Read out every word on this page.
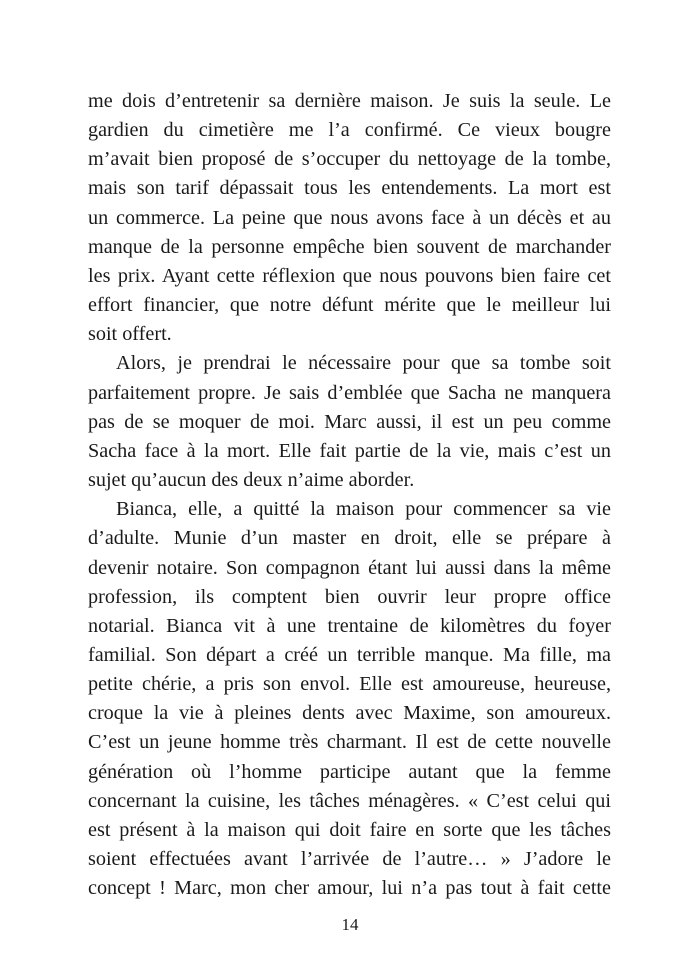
me dois d’entretenir sa dernière maison. Je suis la seule. Le
gardien du cimetière me l’a confirmé. Ce vieux bougre
m’avait bien proposé de s’occuper du nettoyage de la tombe,
mais son tarif dépassait tous les entendements. La mort est
un commerce. La peine que nous avons face à un décès et au
manque de la personne empêche bien souvent de marchander
les prix. Ayant cette réflexion que nous pouvons bien faire cet
effort financier, que notre défunt mérite que le meilleur lui
soit offert.

Alors, je prendrai le nécessaire pour que sa tombe soit
parfaitement propre. Je sais d’emblée que Sacha ne manquera
pas de se moquer de moi. Marc aussi, il est un peu comme
Sacha face à la mort. Elle fait partie de la vie, mais c’est un
sujet qu’aucun des deux n’aime aborder.

Bianca, elle, a quitté la maison pour commencer sa vie
d’adulte. Munie d’un master en droit, elle se prépare à
devenir notaire. Son compagnon étant lui aussi dans la même
profession, ils comptent bien ouvrir leur propre office
notarial. Bianca vit à une trentaine de kilomètres du foyer
familial. Son départ a créé un terrible manque. Ma fille, ma
petite chérie, a pris son envol. Elle est amoureuse, heureuse,
croque la vie à pleines dents avec Maxime, son amoureux.
C’est un jeune homme très charmant. Il est de cette nouvelle
génération où l’homme participe autant que la femme
concernant la cuisine, les tâches ménagères. « C’est celui qui
est présent à la maison qui doit faire en sorte que les tâches
soient effectuées avant l’arrivée de l’autre… » J’adore le
concept ! Marc, mon cher amour, lui n’a pas tout à fait cette

14
